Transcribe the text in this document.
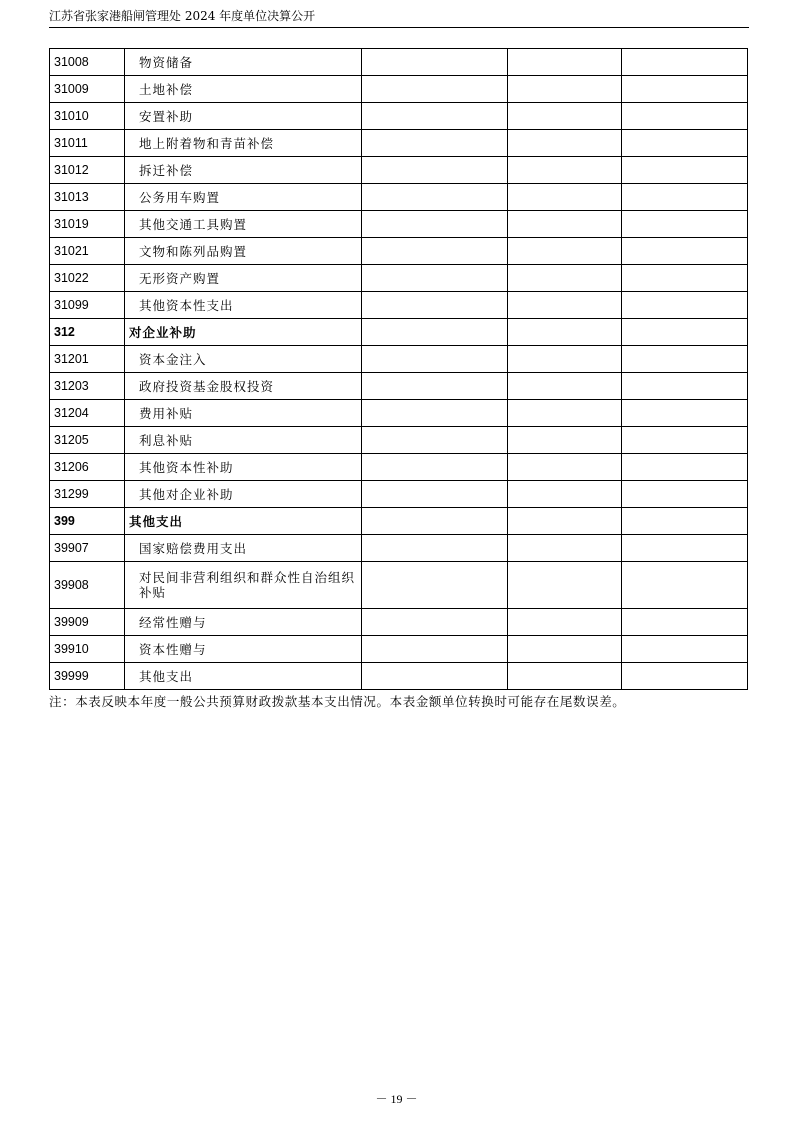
江苏省张家港船闸管理处 2024 年度单位决算公开
31008	物资储备			
31009	土地补偿			
31010	安置补助			
31011	地上附着物和青苗补偿			
31012	拆迁补偿			
31013	公务用车购置			
31019	其他交通工具购置			
31021	文物和陈列品购置			
31022	无形资产购置			
31099	其他资本性支出			
312	对企业补助			
31201	资本金注入			
31203	政府投资基金股权投资			
31204	费用补贴			
31205	利息补贴			
31206	其他资本性补助			
31299	其他对企业补助			
399	其他支出			
39907	国家赔偿费用支出			
39908	对民间非营利组织和群众性自治组织补贴			
39909	经常性赠与			
39910	资本性赠与			
39999	其他支出			
注：本表反映本年度一般公共预算财政拨款基本支出情况。本表金额单位转换时可能存在尾数误差。
－ 19 －
